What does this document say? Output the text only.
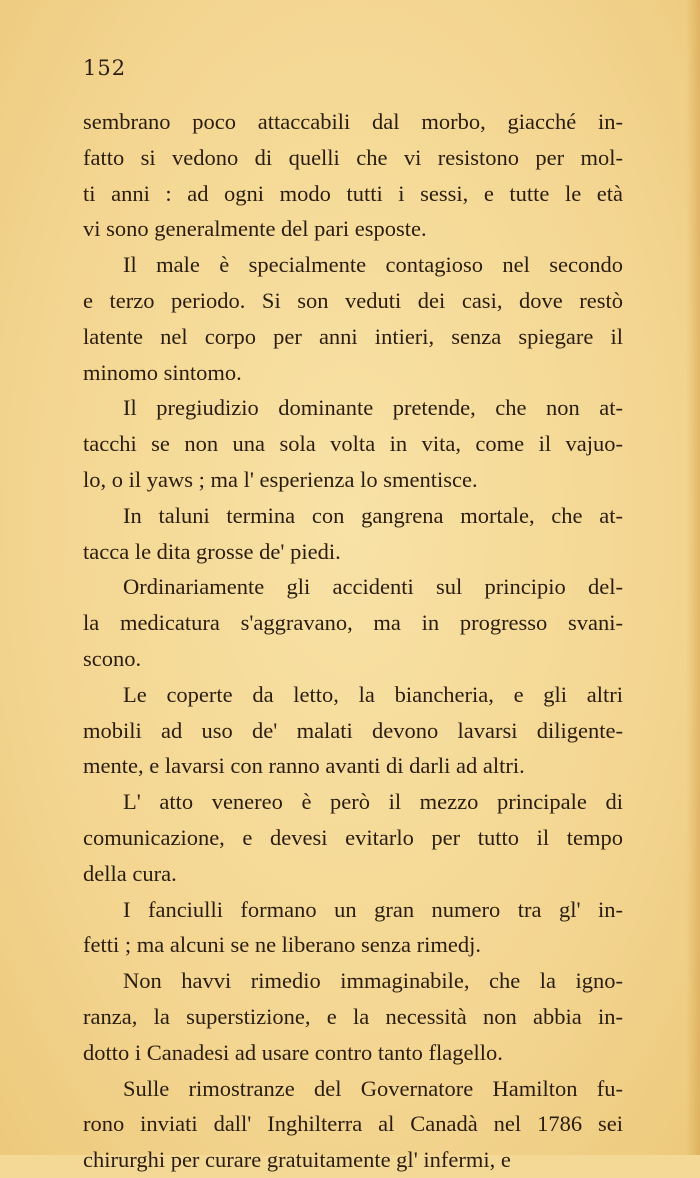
152

sembrano poco attaccabili dal morbo, giacché in-
fatto si vedono di quelli che vi resistono per mol-
ti anni : ad ogni modo tutti i sessi, e tutte le età
vi sono generalmente del pari esposte.

Il male è specialmente contagioso nel secondo
e terzo periodo. Si son veduti dei casi, dove restò
latente nel corpo per anni intieri, senza spiegare il
minomo sintomo.

Il pregiudizio dominante pretende, che non at-
tacchi se non una sola volta in vita, come il vajuo-
lo, o il yaws ; ma l' esperienza lo smentisce.

In taluni termina con gangrena mortale, che at-
tacca le dita grosse de' piedi.

Ordinariamente gli accidenti sul principio del-
la medicatura s'aggravano, ma in progresso svani-
scono.

Le coperte da letto, la biancheria, e gli altri
mobili ad uso de' malati devono lavarsi diligente-
mente, e lavarsi con ranno avanti di darli ad altri.

L' atto venereo è però il mezzo principale di
comunicazione, e devesi evitarlo per tutto il tempo
della cura.

I fanciulli formano un gran numero tra gl' in-
fetti ; ma alcuni se ne liberano senza rimedj.

Non havvi rimedio immaginabile, che la igno-
ranza, la superstizione, e la necessità non abbia in-
dotto i Canadesi ad usare contro tanto flagello.

Sulle rimostranze del Governatore Hamilton fu-
rono inviati dall' Inghilterra al Canadà nel 1786 sei
chirurghi per curare gratuitamente gl' infermi, e
